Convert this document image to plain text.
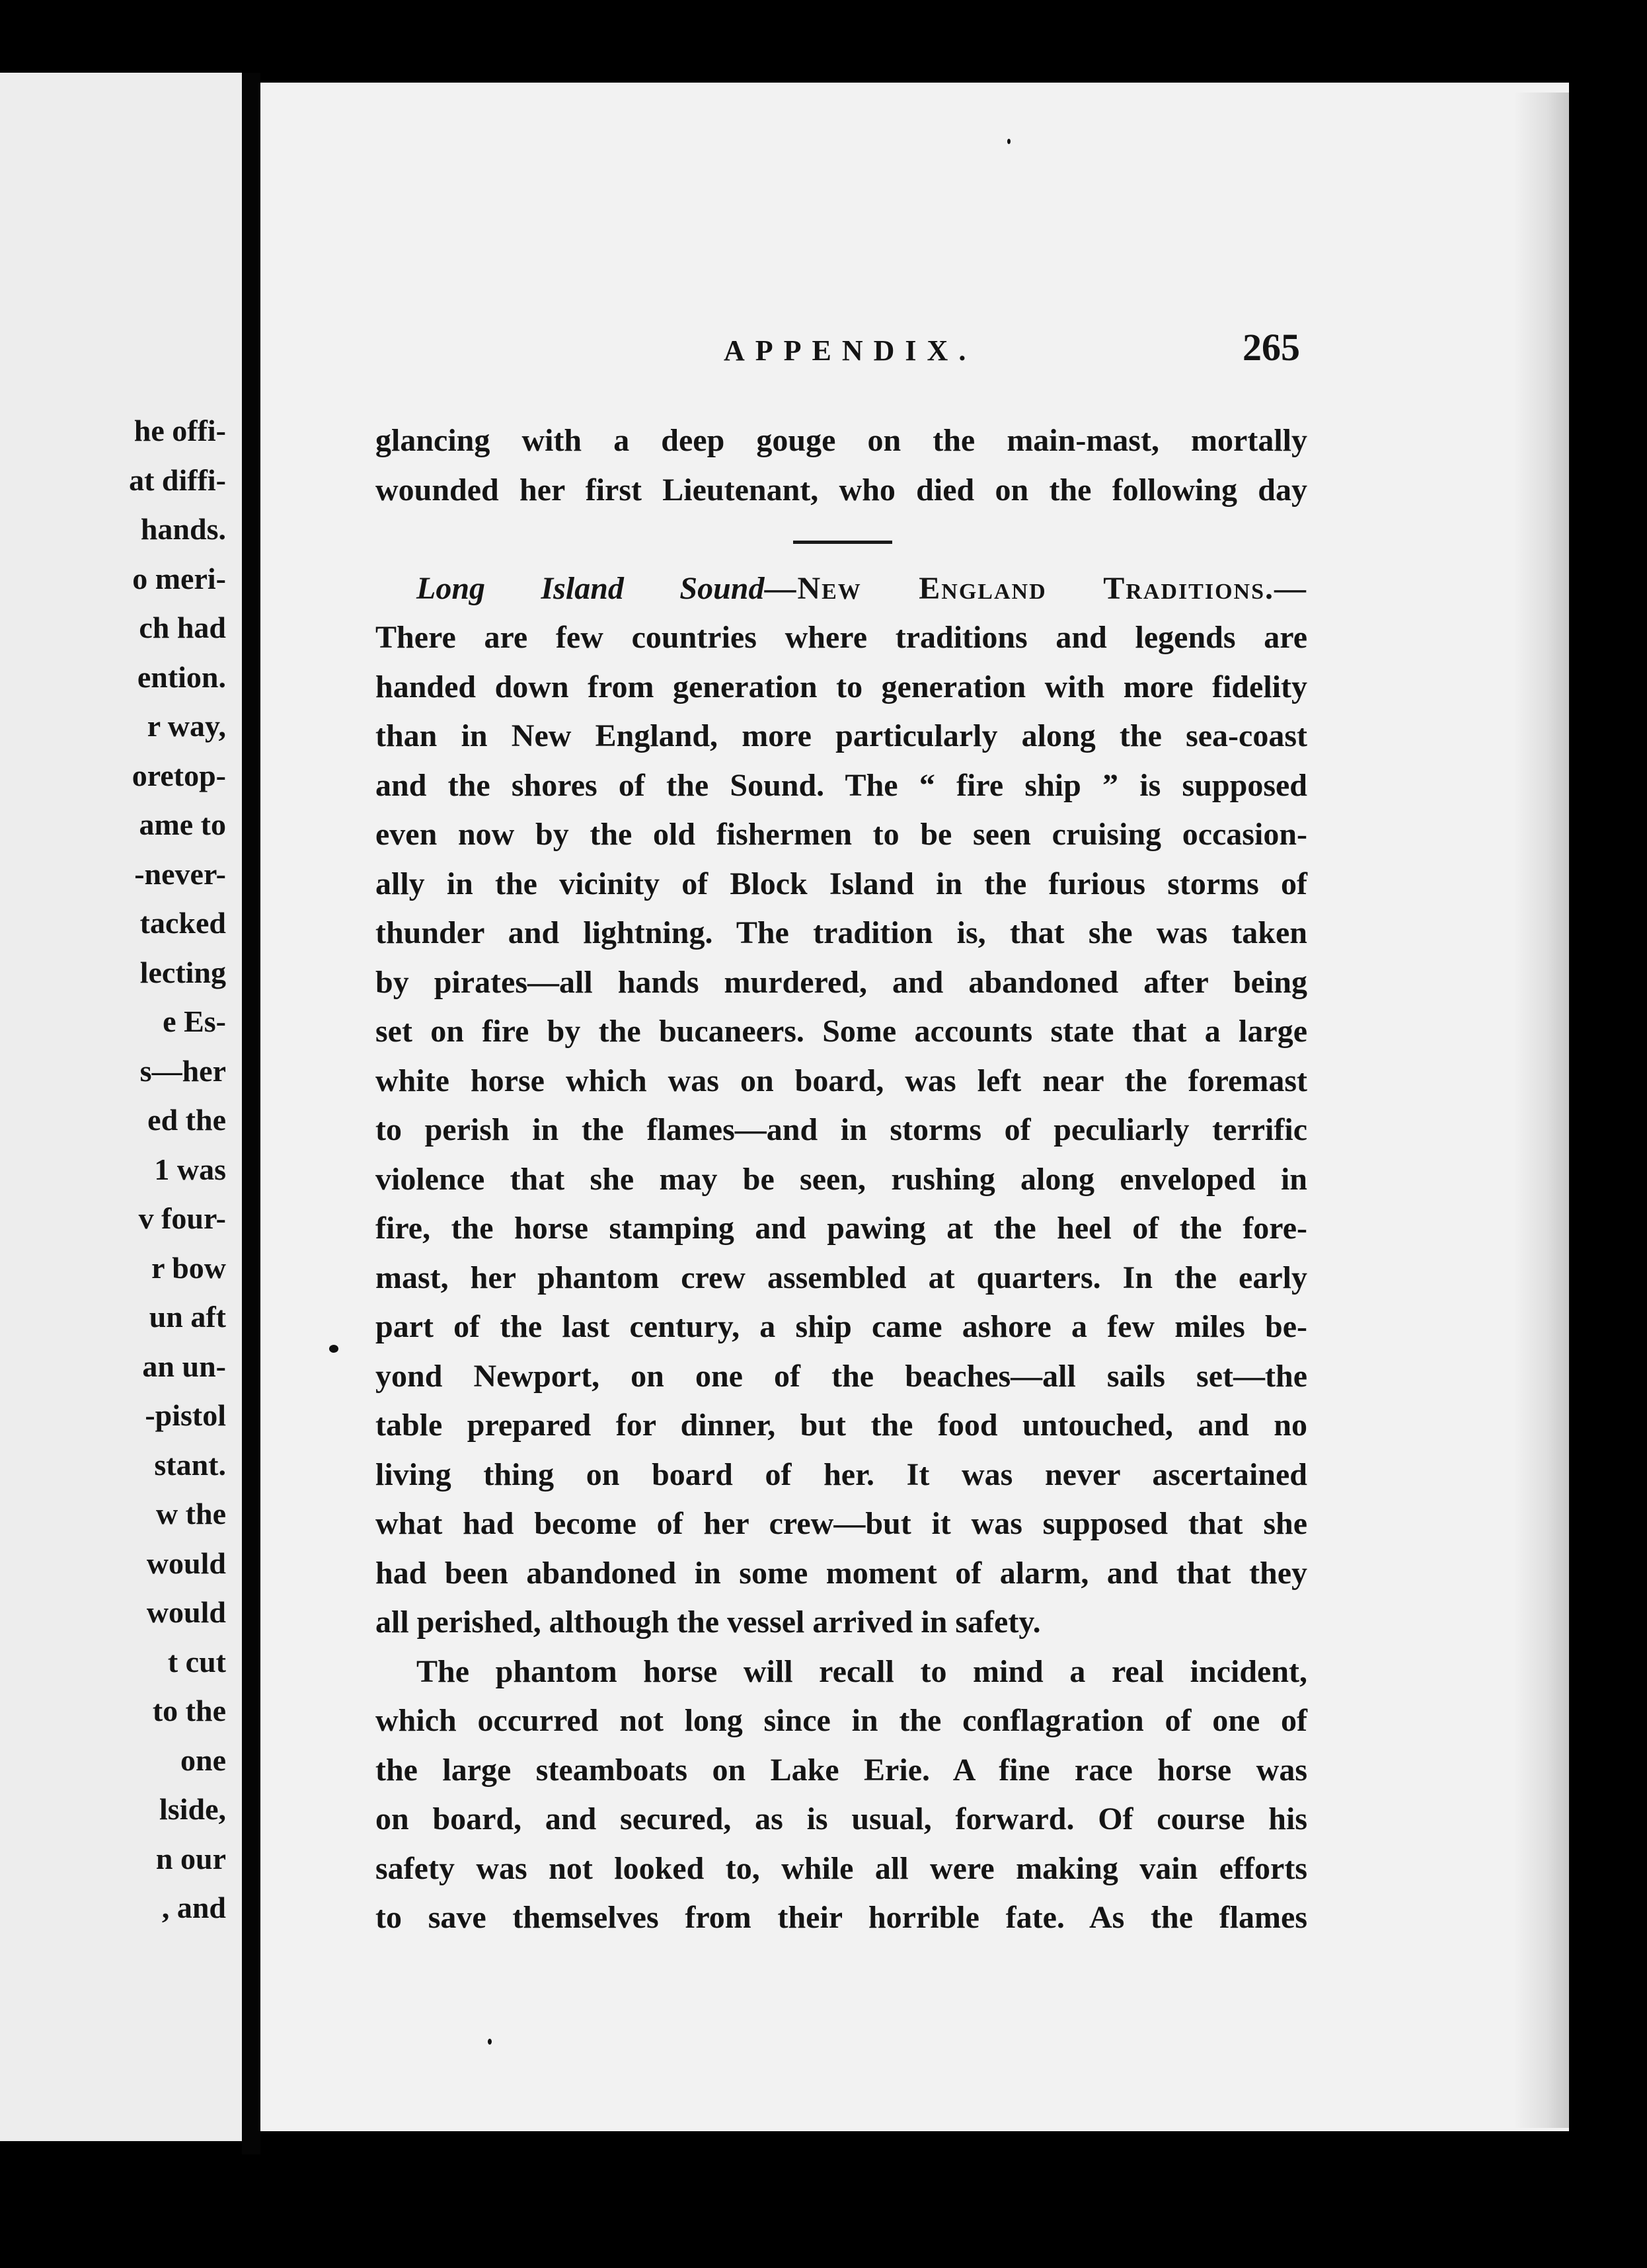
he offi-
at diffi-
hands.
o meri-
ch had
ention.
r way,
oretop-
ame to
-never-
tacked
lecting
e Es-
s—her
ed the
1 was
v four-
r bow
un aft
an un-
-pistol
stant.
w the
would
would
t cut
to the
one
lside,
n our
, and
APPENDIX.	265
glancing with a deep gouge on the main-mast, mortally
wounded her first Lieutenant, who died on the following day
Long Island Sound—New England Traditions.—
There are few countries where traditions and legends are
handed down from generation to generation with more fidelity
than in New England, more particularly along the sea-coast
and the shores of the Sound. The “ fire ship ” is supposed
even now by the old fishermen to be seen cruising occasion-
ally in the vicinity of Block Island in the furious storms of
thunder and lightning. The tradition is, that she was taken
by pirates—all hands murdered, and abandoned after being
set on fire by the bucaneers. Some accounts state that a large
white horse which was on board, was left near the foremast
to perish in the flames—and in storms of peculiarly terrific
violence that she may be seen, rushing along enveloped in
fire, the horse stamping and pawing at the heel of the fore-
mast, her phantom crew assembled at quarters. In the early
part of the last century, a ship came ashore a few miles be-
yond Newport, on one of the beaches—all sails set—the
table prepared for dinner, but the food untouched, and no
living thing on board of her. It was never ascertained
what had become of her crew—but it was supposed that she
had been abandoned in some moment of alarm, and that they
all perished, although the vessel arrived in safety.
The phantom horse will recall to mind a real incident,
which occurred not long since in the conflagration of one of
the large steamboats on Lake Erie. A fine race horse was
on board, and secured, as is usual, forward. Of course his
safety was not looked to, while all were making vain efforts
to save themselves from their horrible fate. As the flames
